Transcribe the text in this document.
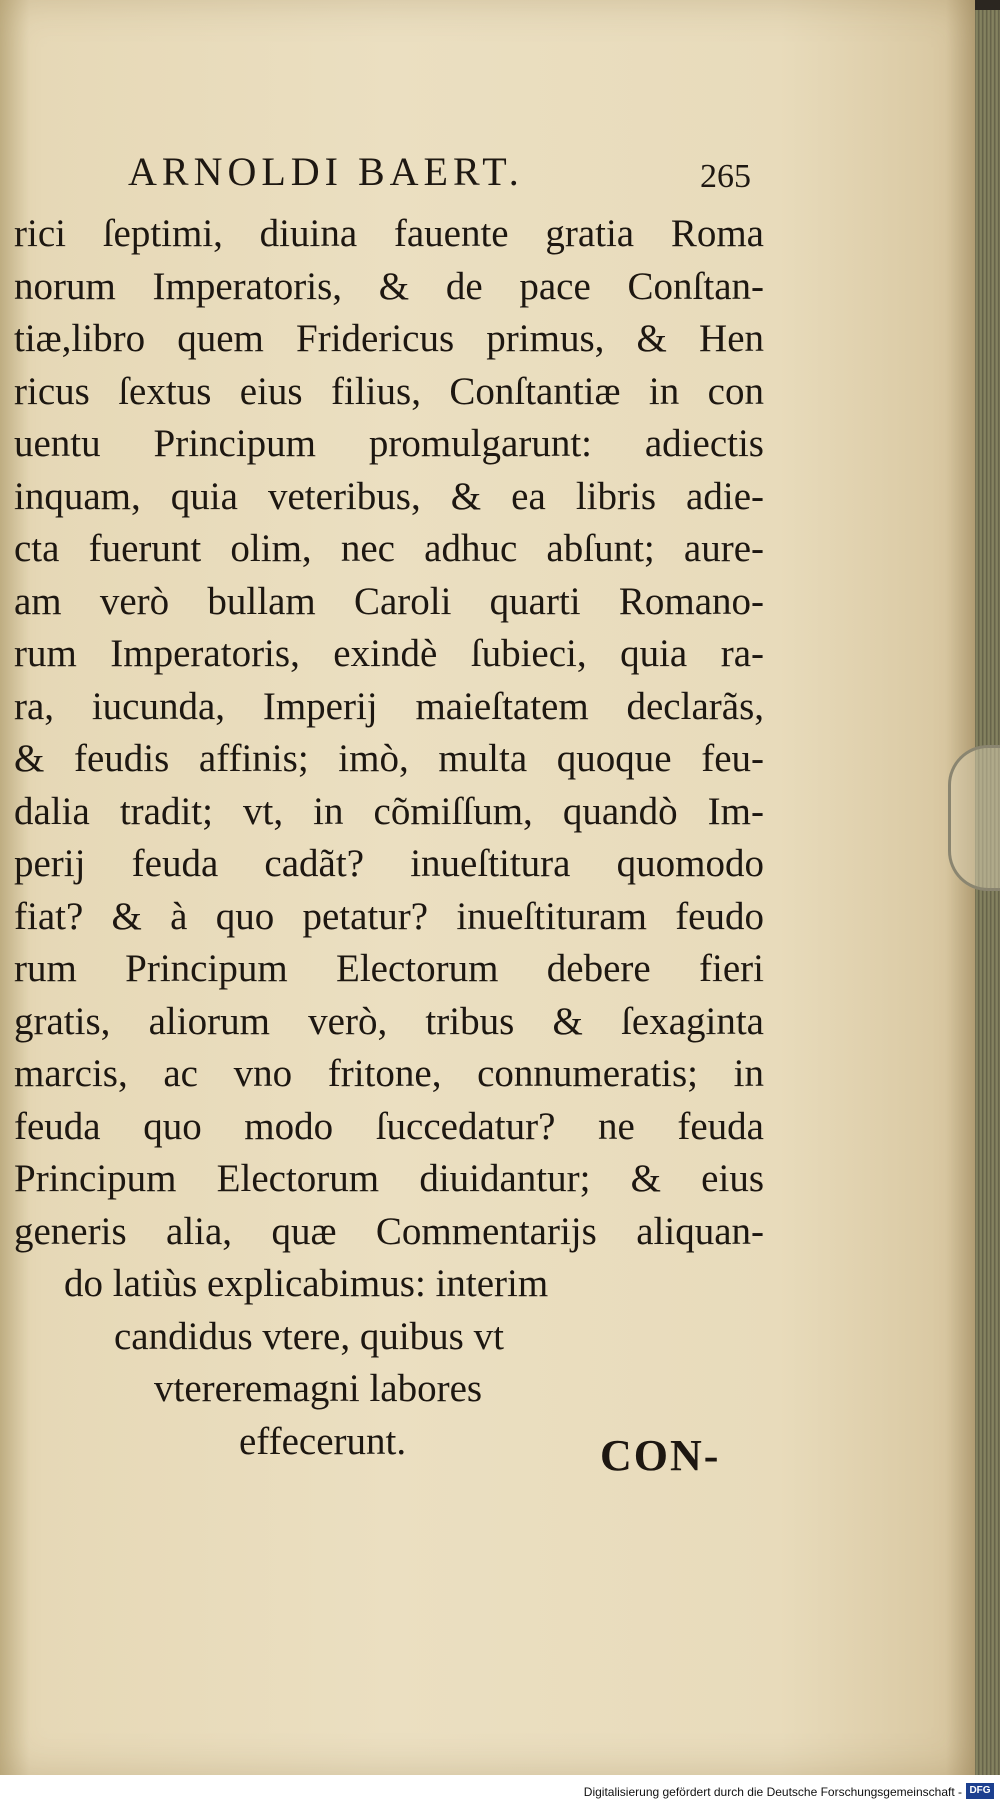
ARNOLDI BAERT.	265
rici ſeptimi, diuina fauente gratia Roma
norum Imperatoris, & de pace Conſtan-
tiæ,libro quem Fridericus primus, & Hen
ricus ſextus eius filius, Conſtantiæ in con
uentu Principum promulgarunt: adiectis
inquam, quia veteribus, & ea libris adie-
cta fuerunt olim, nec adhuc abſunt; aure-
am verò bullam Caroli quarti Romano-
rum Imperatoris, exindè ſubieci, quia ra-
ra, iucunda, Imperij maieſtatem declarãs,
& feudis affinis; imò, multa quoque feu-
dalia tradit; vt, in cõmiſſum, quandò Im-
perij feuda cadãt? inueſtitura quomodo
fiat? & à quo petatur? inueſtituram feudo
rum Principum Electorum debere fieri
gratis, aliorum verò, tribus & ſexaginta
marcis, ac vno fritone, connumeratis; in
feuda quo modo ſuccedatur? ne feuda
Principum Electorum diuidantur; & eius
generis alia, quæ Commentarijs aliquan-
do latiùs explicabimus: interim
candidus vtere, quibus vt
vtereremagni labores
effecerunt.	CON-
Digitalisierung gefördert durch die Deutsche Forschungsgemeinschaft - DFG
